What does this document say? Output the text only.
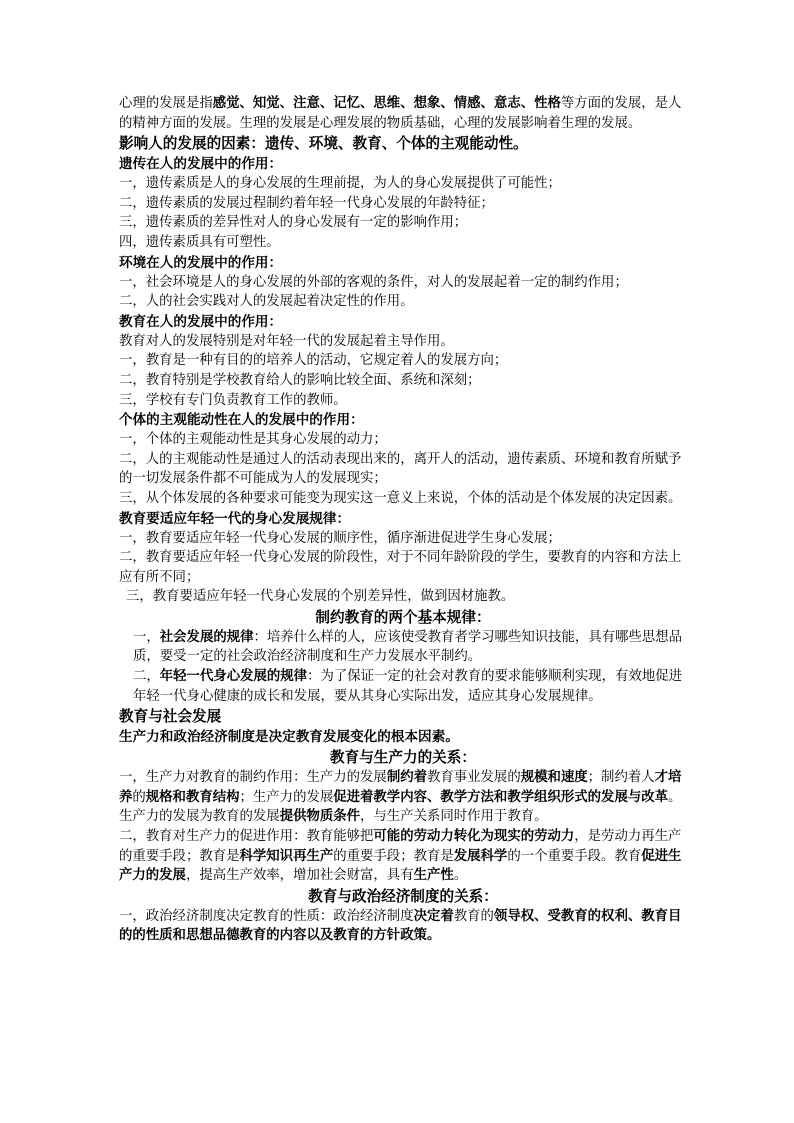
心理的发展是指感觉、知觉、注意、记忆、思维、想象、情感、意志、性格等方面的发展，是人的精神方面的发展。生理的发展是心理发展的物质基础，心理的发展影响着生理的发展。

影响人的发展的因素：遗传、环境、教育、个体的主观能动性。

遗传在人的发展中的作用：

一，遗传素质是人的身心发展的生理前提，为人的身心发展提供了可能性；

二，遗传素质的发展过程制约着年轻一代身心发展的年龄特征；

三，遗传素质的差异性对人的身心发展有一定的影响作用；

四，遗传素质具有可塑性。

环境在人的发展中的作用：

一，社会环境是人的身心发展的外部的客观的条件，对人的发展起着一定的制约作用；

二，人的社会实践对人的发展起着决定性的作用。

教育在人的发展中的作用：

教育对人的发展特别是对年轻一代的发展起着主导作用。

一，教育是一种有目的的培养人的活动，它规定着人的发展方向；

二，教育特别是学校教育给人的影响比较全面、系统和深刻；

三，学校有专门负责教育工作的教师。

个体的主观能动性在人的发展中的作用：

一，个体的主观能动性是其身心发展的动力；

二，人的主观能动性是通过人的活动表现出来的，离开人的活动，遗传素质、环境和教育所赋予的一切发展条件都不可能成为人的发展现实；

三，从个体发展的各种要求可能变为现实这一意义上来说，个体的活动是个体发展的决定因素。

教育要适应年轻一代的身心发展规律：

一，教育要适应年轻一代身心发展的顺序性，循序渐进促进学生身心发展；

二，教育要适应年轻一代身心发展的阶段性，对于不同年龄阶段的学生，要教育的内容和方法上应有所不同；

三，教育要适应年轻一代身心发展的个别差异性，做到因材施教。

制约教育的两个基本规律：

一，社会发展的规律：培养什么样的人，应该使受教育者学习哪些知识技能，具有哪些思想品质，要受一定的社会政治经济制度和生产力发展水平制约。

二，年轻一代身心发展的规律：为了保证一定的社会对教育的要求能够顺利实现，有效地促进年轻一代身心健康的成长和发展，要从其身心实际出发，适应其身心发展规律。

教育与社会发展

生产力和政治经济制度是决定教育发展变化的根本因素。

教育与生产力的关系：

一，生产力对教育的制约作用：生产力的发展制约着教育事业发展的规模和速度；制约着人才培养的规格和教育结构；生产力的发展促进着教学内容、教学方法和教学组织形式的发展与改革。生产力的发展为教育的发展提供物质条件，与生产关系同时作用于教育。

二，教育对生产力的促进作用：教育能够把可能的劳动力转化为现实的劳动力，是劳动力再生产的重要手段；教育是科学知识再生产的重要手段；教育是发展科学的一个重要手段。教育促进生产力的发展，提高生产效率，增加社会财富，具有生产性。

教育与政治经济制度的关系：

一，政治经济制度决定教育的性质：政治经济制度决定着教育的领导权、受教育的权利、教育目的的性质和思想品德教育的内容以及教育的方针政策。
